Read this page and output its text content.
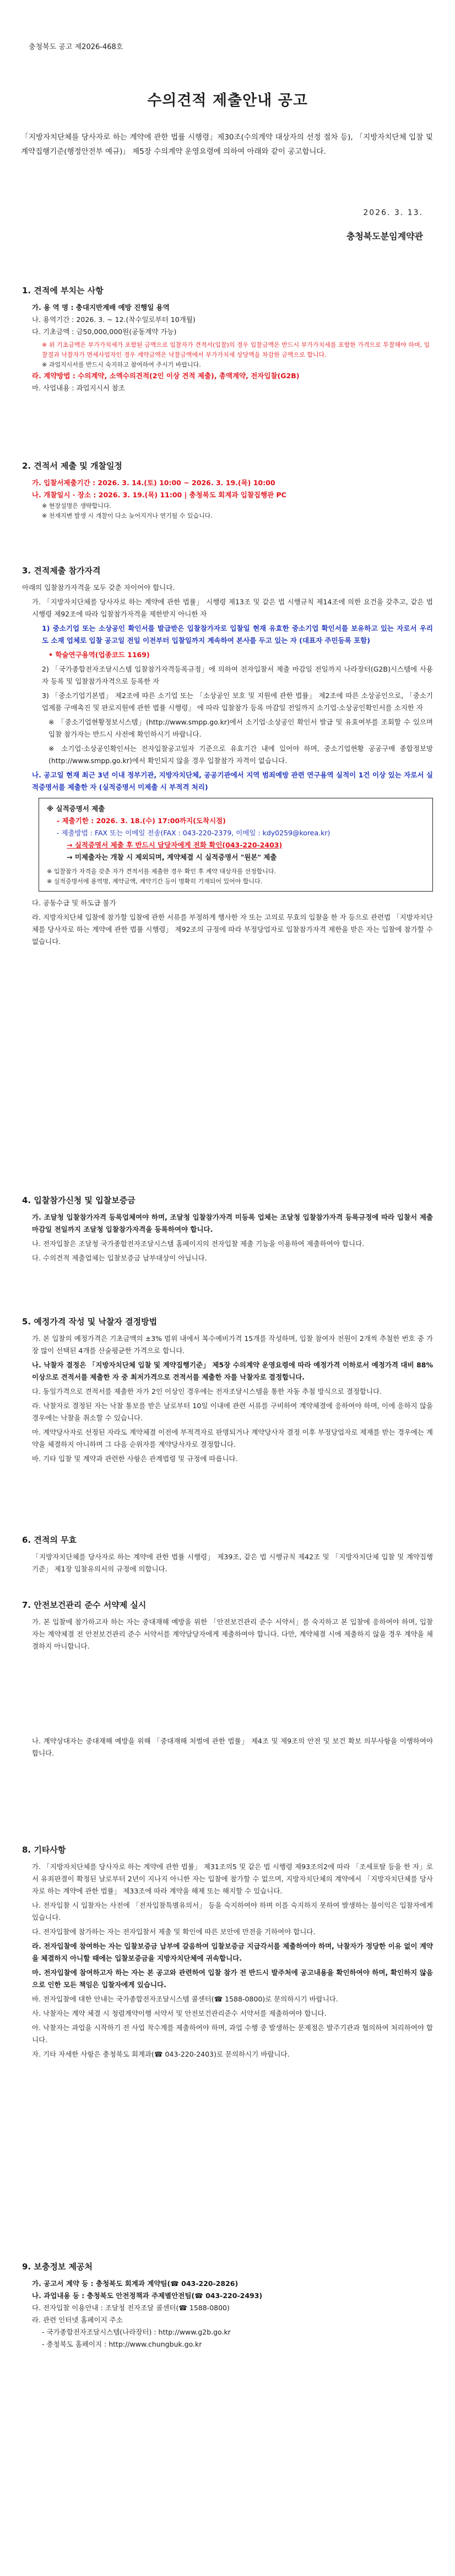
충청북도 공고 제2026-468호
수의견적 제출안내 공고
「지방자치단체를 당사자로 하는 계약에 관한 법률 시행령」제30조(수의계약 대상자의 선정 절차 등), 「지방자치단체 입찰 및 계약집행기준(행정안전부 예규)」 제5장 수의계약 운영요령에 의하여 아래와 같이 공고합니다.
2026. 3. 13.
충청북도분임계약관
1. 견적에 부치는 사항

가. 용 역 명 : 충대지반계배 예방 진행일 용역

나. 용역기간 : 2026. 3. ~ 12.(착수일로부터 10개월)

다. 기초금액 : 금50,000,000원(공동계약 가능)

※ 위 기초금액은 부가가치세가 포함된 금액으로 입찰자가 견적서(입찰)의 경우 입찰금액은 반드시 부가가치세를 포함한 가격으로 투찰해야 하며, 입찰결과 낙찰자가 면세사업자인 경우 계약금액은 낙찰금액에서 부가가치세 상당액을 차감한 금액으로 합니다.

※ 과업지시서를 반드시 숙지하고 참여하여 주시기 바랍니다.

라. 계약방법 : 수의계약, 소액수의견적(2인 이상 견적 제출), 총액계약, 전자입찰(G2B)

마. 사업내용 : 과업지시서 참조

2. 견적서 제출 및 개찰일정

가. 입찰서제출기간 : 2026. 3. 14.(토) 10:00 ~ 2026. 3. 19.(목) 10:00

나. 개찰일시 · 장소 : 2026. 3. 19.(목) 11:00 | 충청북도 회계과 입찰집행관 PC

※ 현장설명은 생략합니다.

※ 천재지변 발생 시 개찰이 다소 늦어지거나 연기될 수 있습니다.

3. 견적제출 참가자격

아래의 입찰참가자격을 모두 갖춘 자이어야 합니다.

가. 「지방자치단체를 당사자로 하는 계약에 관한 법률」 시행령 제13조 및 같은 법 시행규칙 제14조에 의한 요건을 갖추고, 같은 법 시행령 제92조에 따라 입찰참가자격을 제한받지 아니한 자

1) 중소기업 또는 소상공인 확인서를 발급받은 입찰참가자로 입찰일 현재 유효한 중소기업 확인서를 보유하고 있는 자로서 우리 도 소재 업체로 입찰 공고일 전일 이전부터 입찰일까지 계속하여 본사를 두고 있는 자 (대표자 주민등록 포함)

• 학술연구용역(업종코드 1169)

2) 「국가종합전자조달시스템 입찰참가자격등록규정」에 의하여 전자입찰서 제출 마감일 전일까지 나라장터(G2B)시스템에 사용자 등록 및 입찰참가자격으로 등록한 자

3) 「중소기업기본법」 제2조에 따른 소기업 또는 「소상공인 보호 및 지원에 관한 법률」 제2조에 따른 소상공인으로, 「중소기업제품 구매촉진 및 판로지원에 관한 법률 시행령」 에 따라 입찰참가 등록 마감일 전일까지 소기업·소상공인확인서를 소지한 자

※ 「중소기업현황정보시스템」(http://www.smpp.go.kr)에서 소기업·소상공인 확인서 발급 및 유효여부를 조회할 수 있으며 입찰 참가자는 반드시 사전에 확인하시기 바랍니다.

※ 소기업·소상공인확인서는 전자입찰공고일자 기준으로 유효기간 내에 있어야 하며, 중소기업현황 공공구매 종합정보망(http://www.smpp.go.kr)에서 확인되지 않을 경우 입찰참가 자격이 없습니다.

나. 공고일 현재 최근 3년 이내 정부기관, 지방자치단체, 공공기관에서 지역 범죄예방 관련 연구용역 실적이 1건 이상 있는 자로서 실적증명서를 제출한 자 (실적증명서 미제출 시 부적격 처리)

※ 실적증명서 제출

- 제출기한 : 2026. 3. 18.(수) 17:00까지(도착시점)

- 제출방법 : FAX 또는 이메일 전송(FAX : 043-220-2379, 이메일 : kdy0259@korea.kr)

→ 실적증명서 제출 후 반드시 담당자에게 전화 확인(043-220-2403)

→ 미제출자는 개찰 시 제외되며, 계약체결 시 실적증명서 "원본" 제출

※ 입찰참가 자격을 갖춘 자가 견적서를 제출한 경우 확인 후 계약 대상자를 선정합니다.

※ 실적증명서에 용역명, 계약금액, 계약기간 등이 명확히 기재되어 있어야 합니다.

다. 공동수급 및 하도급 불가

라. 지방자치단체 입찰에 참가할 입찰에 관한 서류를 부정하게 행사한 자 또는 고의로 무효의 입찰을 한 자 등으로 관련법 「지방자치단체를 당사자로 하는 계약에 관한 법률 시행령」 제92조의 규정에 따라 부정당업자로 입찰참가자격 제한을 받은 자는 입찰에 참가할 수 없습니다.

4. 입찰참가신청 및 입찰보증금

가. 조달청 입찰참가자격 등록업체여야 하며, 조달청 입찰참가자격 미등록 업체는 조달청 입찰참가자격 등록규정에 따라 입찰서 제출 마감일 전일까지 조달청 입찰참가자격을 등록하여야 합니다.

나. 전자입찰은 조달청 국가종합전자조달시스템 홈페이지의 전자입찰 제출 기능을 이용하여 제출하여야 합니다.

다. 수의견적 제출업체는 입찰보증금 납부대상이 아닙니다.

5. 예정가격 작성 및 낙찰자 결정방법

가. 본 입찰의 예정가격은 기초금액의 ±3% 범위 내에서 복수예비가격 15개를 작성하며, 입찰 참여자 전원이 2개씩 추첨한 번호 중 가장 많이 선택된 4개를 산술평균한 가격으로 합니다.

나. 낙찰자 결정은 「지방자치단체 입찰 및 계약집행기준」 제5장 수의계약 운영요령에 따라 예정가격 이하로서 예정가격 대비 88% 이상으로 견적서를 제출한 자 중 최저가격으로 견적서를 제출한 자를 낙찰자로 결정합니다.

다. 동일가격으로 견적서를 제출한 자가 2인 이상인 경우에는 전자조달시스템을 통한 자동 추첨 방식으로 결정합니다.

라. 낙찰자로 결정된 자는 낙찰 통보를 받은 날로부터 10일 이내에 관련 서류를 구비하여 계약체결에 응하여야 하며, 이에 응하지 않을 경우에는 낙찰을 취소할 수 있습니다.

마. 계약당사자로 선정된 자라도 계약체결 이전에 부적격자로 판명되거나 계약당사자 결정 이후 부정당업자로 제재를 받는 경우에는 계약을 체결하지 아니하며 그 다음 순위자를 계약당사자로 결정합니다.

바. 기타 입찰 및 계약과 관련한 사항은 관계법령 및 규정에 따릅니다.

6. 견적의 무효

「지방자치단체를 당사자로 하는 계약에 관한 법률 시행령」 제39조, 같은 법 시행규칙 제42조 및 「지방자치단체 입찰 및 계약집행기준」 제1장 입찰유의서의 규정에 의합니다.

7. 안전보건관리 준수 서약제 실시

가. 본 입찰에 참가하고자 하는 자는 중대재해 예방을 위한 「안전보건관리 준수 서약서」를 숙지하고 본 입찰에 응하여야 하며, 입찰자는 계약체결 전 안전보건관리 준수 서약서를 계약담당자에게 제출하여야 합니다. 다만, 계약체결 시에 제출하지 않을 경우 계약을 체결하지 아니합니다.

나. 계약상대자는 중대재해 예방을 위해 「중대재해 처벌에 관한 법률」 제4조 및 제9조의 안전 및 보건 확보 의무사항을 이행하여야 합니다.

8. 기타사항

가. 「지방자치단체를 당사자로 하는 계약에 관한 법률」 제31조의5 및 같은 법 시행령 제93조의2에 따라 「조세포탈 등을 한 자」로서 유죄판결이 확정된 날로부터 2년이 지나지 아니한 자는 입찰에 참가할 수 없으며, 지방자치단체의 계약에서 「지방자치단체를 당사자로 하는 계약에 관한 법률」 제33조에 따라 계약을 해제 또는 해지할 수 있습니다.

나. 전자입찰 시 입찰자는 사전에 「전자입찰특별유의서」 등을 숙지하여야 하며 이를 숙지하지 못하여 발생하는 불이익은 입찰자에게 있습니다.

다. 전자입찰에 참가하는 자는 전자입찰서 제출 및 확인에 따른 보안에 만전을 기하여야 합니다.

라. 전자입찰에 참여하는 자는 입찰보증금 납부에 갈음하여 입찰보증금 지급각서를 제출하여야 하며, 낙찰자가 정당한 이유 없이 계약을 체결하지 아니할 때에는 입찰보증금을 지방자치단체에 귀속합니다.

마. 전자입찰에 참여하고자 하는 자는 본 공고와 관련하여 입찰 참가 전 반드시 발주처에 공고내용을 확인하여야 하며, 확인하지 않음으로 인한 모든 책임은 입찰자에게 있습니다.

바. 전자입찰에 대한 안내는 국가종합전자조달시스템 콜센터(☎ 1588-0800)로 문의하시기 바랍니다.

사. 낙찰자는 계약 체결 시 청렴계약이행 서약서 및 안전보건관리준수 서약서를 제출하여야 합니다.

아. 낙찰자는 과업을 시작하기 전 사업 착수계를 제출하여야 하며, 과업 수행 중 발생하는 문제점은 발주기관과 협의하여 처리하여야 합니다.

자. 기타 자세한 사항은 충청북도 회계과(☎ 043-220-2403)로 문의하시기 바랍니다.

9. 보충정보 제공처

가. 공고서 계약 등 : 충청북도 회계과 계약팀(☎ 043-220-2826)

나. 과업내용 등 : 충청북도 안전정책과 주제별안전팀(☎ 043-220-2493)

다. 전자입찰 이용안내 : 조달청 전자조달 콜센터(☎ 1588-0800)

라. 관련 인터넷 홈페이지 주소

- 국가종합전자조달시스템(나라장터) : http://www.g2b.go.kr

- 충청북도 홈페이지 : http://www.chungbuk.go.kr
